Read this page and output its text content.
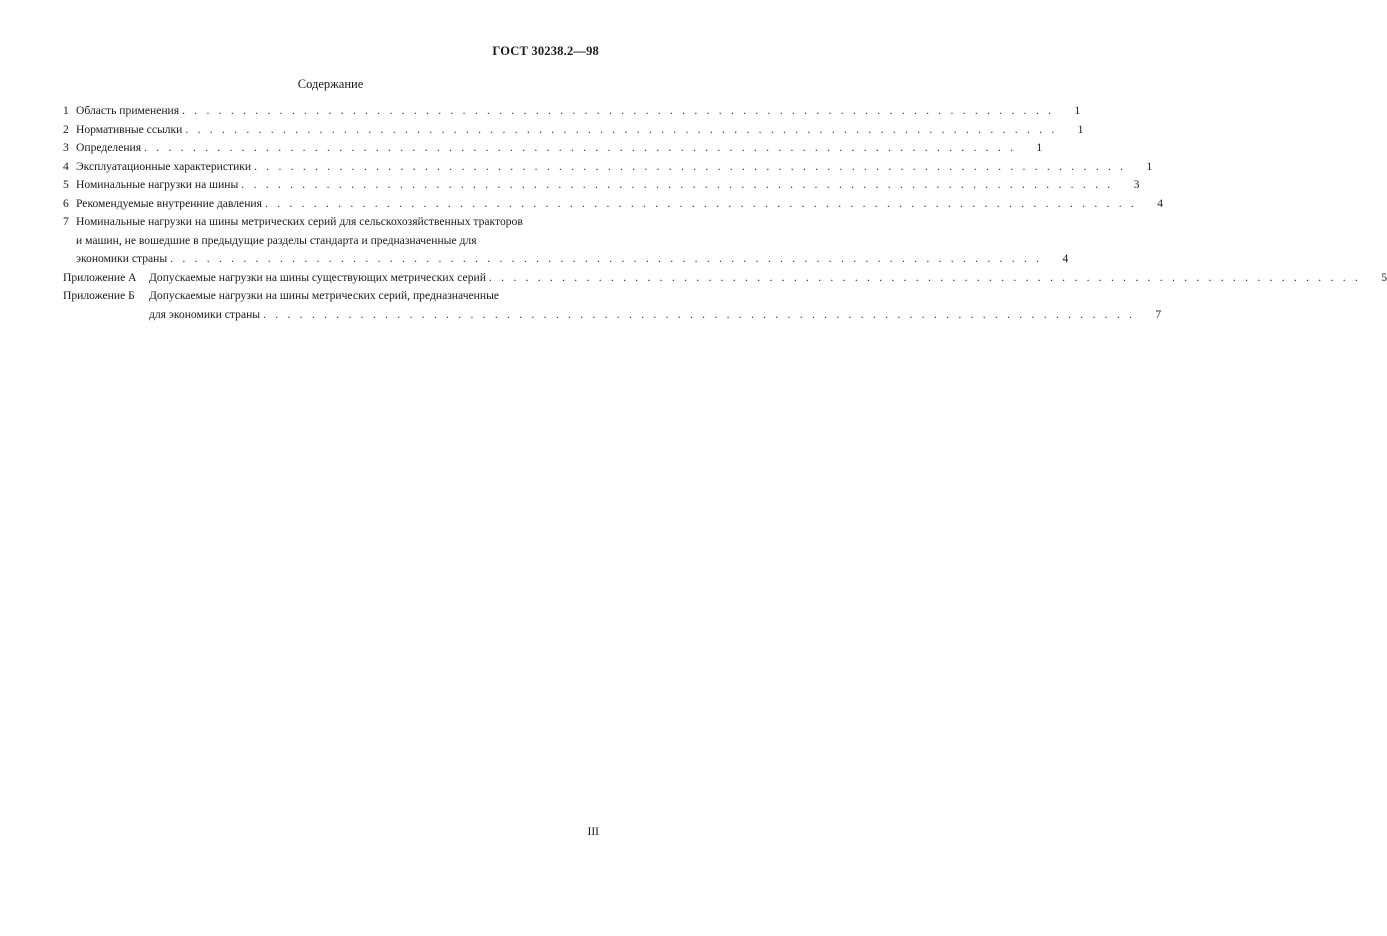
ГОСТ 30238.2—98
Содержание
1 Область применения . . . . . . . . . . . . . . . . . . . . . . . . . . . . . . . . . . . . . . . . . . . . . . . . . . . . . . . . . . . . . . . . . . . . . . . .	1
2 Нормативные ссылки . . . . . . . . . . . . . . . . . . . . . . . . . . . . . . . . . . . . . . . . . . . . . . . . . . . . . . . . . . . . . . . . . . . . . . . .	1
3 Определения . . . . . . . . . . . . . . . . . . . . . . . . . . . . . . . . . . . . . . . . . . . . . . . . . . . . . . . . . . . . . . . . . . . . . . . .	1
4 Эксплуатационные характеристики . . . . . . . . . . . . . . . . . . . . . . . . . . . . . . . . . . . . . . . . . . . . . . . . . . . . . . . . . . . . . . . . . . . . . . . .	1
5 Номинальные нагрузки на шины . . . . . . . . . . . . . . . . . . . . . . . . . . . . . . . . . . . . . . . . . . . . . . . . . . . . . . . . . . . . . . . . . . . . . . . .	3
6 Рекомендуемые внутренние давления . . . . . . . . . . . . . . . . . . . . . . . . . . . . . . . . . . . . . . . . . . . . . . . . . . . . . . . . . . . . . . . . . . . . . . . .	4
7 Номинальные нагрузки на шины метрических серий для сельскохозяйственных тракторов
и машин, не вошедшие в предыдущие разделы стандарта и предназначенные для
экономики страны . . . . . . . . . . . . . . . . . . . . . . . . . . . . . . . . . . . . . . . . . . . . . . . . . . . . . . . . . . . . . . . . . . . . . . . .	4
Приложение А	Допускаемые нагрузки на шины существующих метрических серий . . . . . . . . . . . . . . . . . . . . . . . . . . . . . . . . . . . . . . . . . . . . . . . . . . . . . . . . . . . . . . . . . . . . . . . .	5
Приложение Б	Допускаемые нагрузки на шины метрических серий, предназначенные
для экономики страны . . . . . . . . . . . . . . . . . . . . . . . . . . . . . . . . . . . . . . . . . . . . . . . . . . . . . . . . . . . . . . . . . . . . . . . .	7
III
